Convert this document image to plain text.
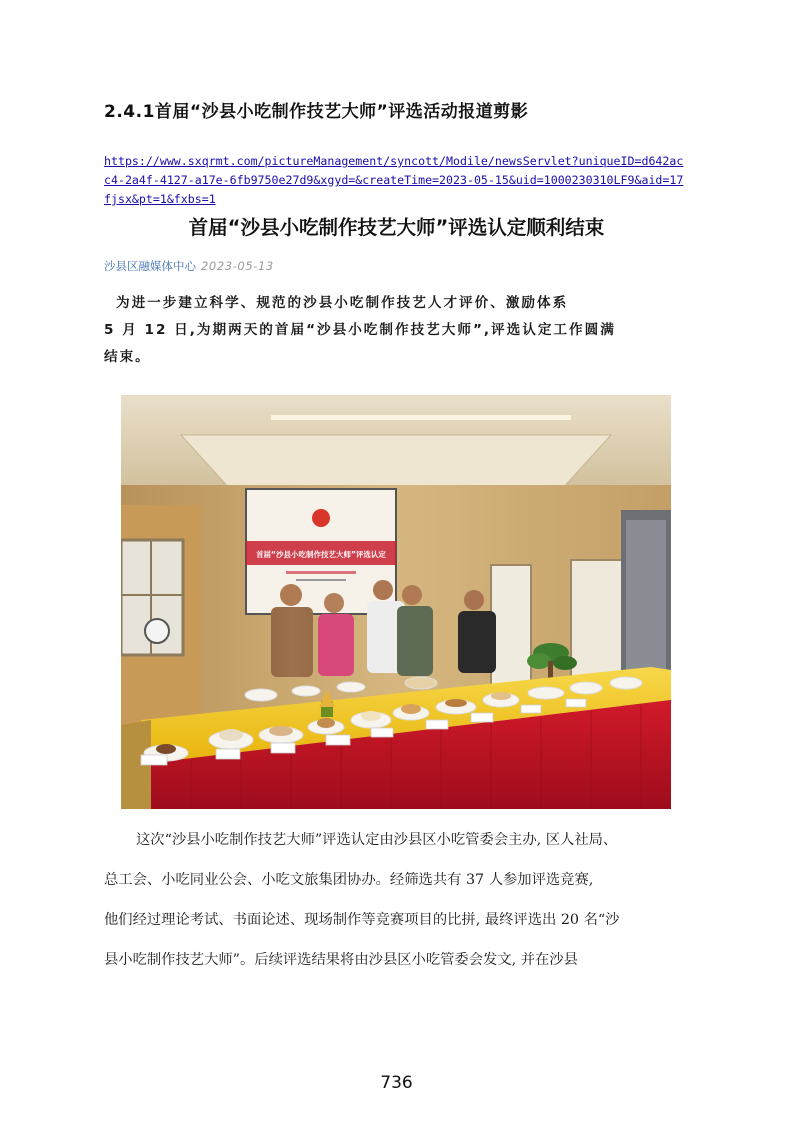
2.4.1首届“沙县小吃制作技艺大师”评选活动报道剪影
https://www.sxqrmt.com/pictureManagement/syncott/Modile/newsServlet?uniqueID=d642acc4-2a4f-4127-a17e-6fb9750e27d9&xgyd=&createTime=2023-05-15&uid=1000230310LF9&aid=17fjsx&pt=1&fxbs=1
首届“沙县小吃制作技艺大师”评选认定顺利结束
沙县区融媒体中心 2023-05-13
为进一步建立科学、规范的沙县小吃制作技艺人才评价、激励体系
5 月 12 日,为期两天的首届“沙县小吃制作技艺大师”,评选认定工作圆满
结束。
首届“沙县小吃制作技艺大师”评选认定
这次“沙县小吃制作技艺大师”评选认定由沙县区小吃管委会主办, 区人社局、
总工会、小吃同业公会、小吃文旅集团协办。经筛选共有 37 人参加评选竞赛,
他们经过理论考试、书面论述、现场制作等竞赛项目的比拼, 最终评选出 20 名“沙
县小吃制作技艺大师”。后续评选结果将由沙县区小吃管委会发文, 并在沙县
736
